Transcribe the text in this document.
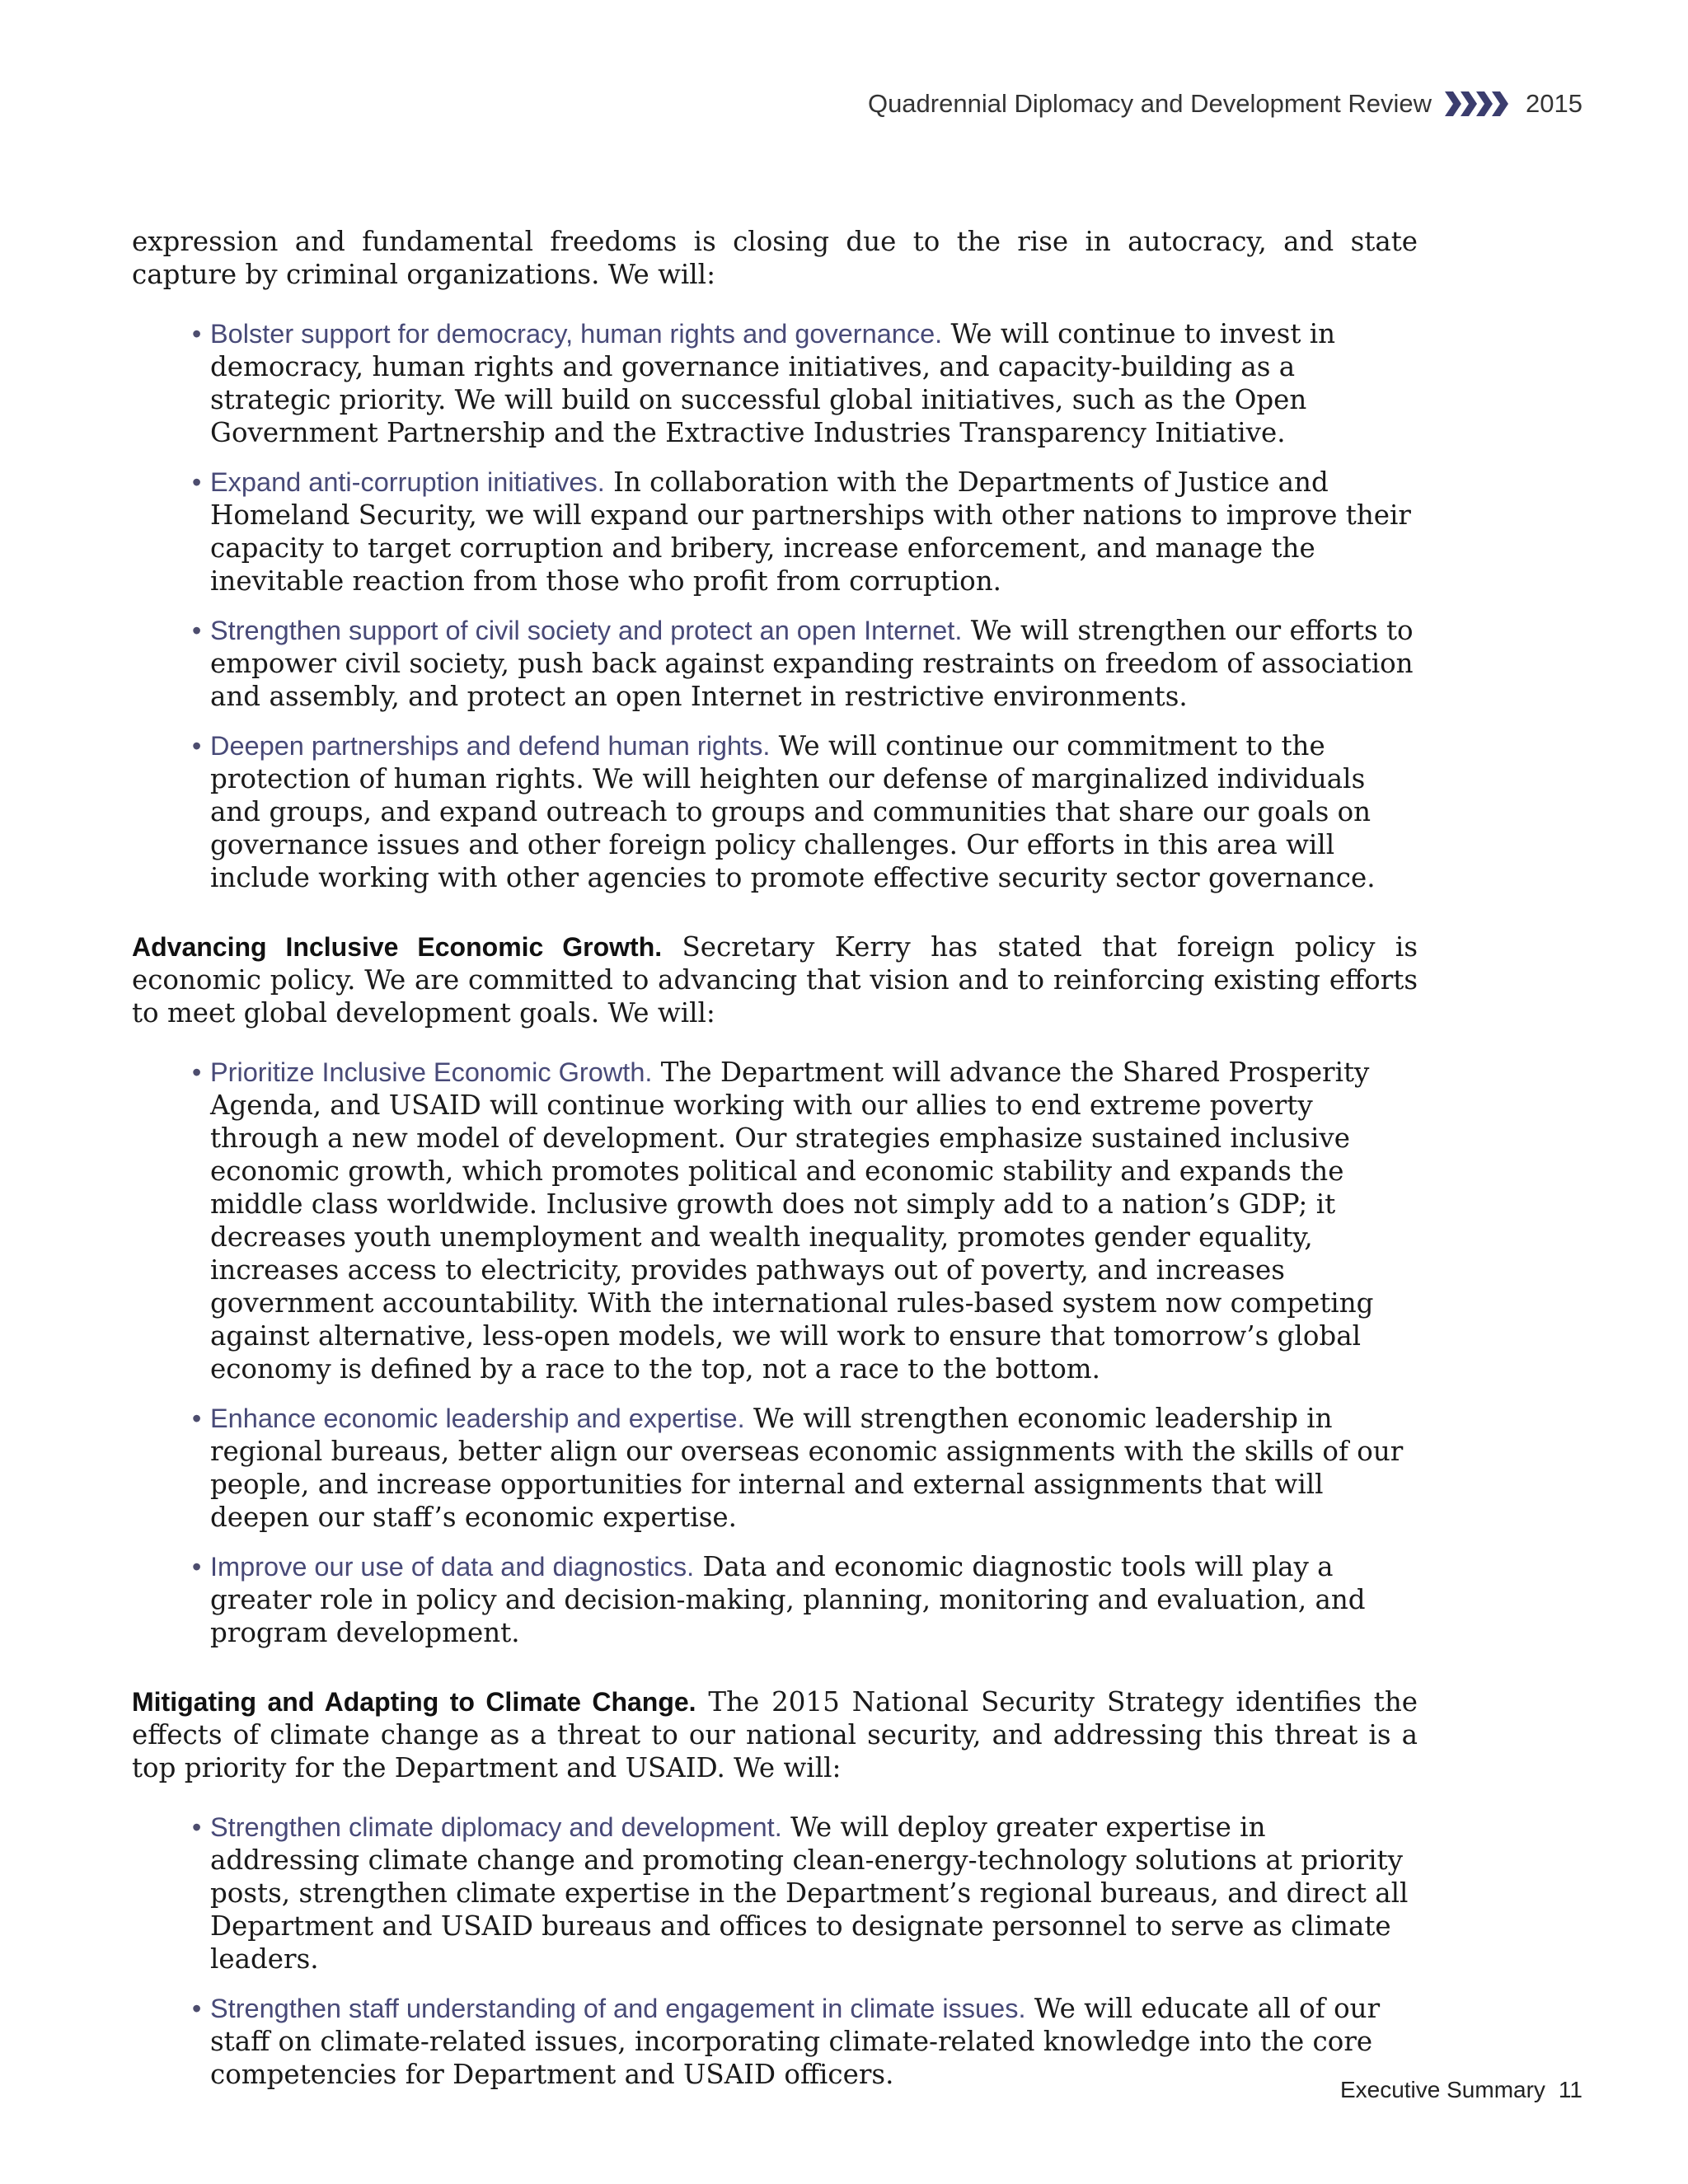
Quadrennial Diplomacy and Development Review	2015

expression and fundamental freedoms is closing due to the rise in autocracy, and state capture by criminal organizations. We will:

• Bolster support for democracy, human rights and governance. We will continue to invest in democracy, human rights and governance initiatives, and capacity-building as a strategic priority. We will build on successful global initiatives, such as the Open Government Partnership and the Extractive Industries Transparency Initiative.
• Expand anti-corruption initiatives. In collaboration with the Departments of Justice and Homeland Security, we will expand our partnerships with other nations to improve their capacity to target corruption and bribery, increase enforcement, and manage the inevitable reaction from those who profit from corruption.
• Strengthen support of civil society and protect an open Internet. We will strengthen our efforts to empower civil society, push back against expanding restraints on freedom of association and assembly, and protect an open Internet in restrictive environments.
• Deepen partnerships and defend human rights. We will continue our commitment to the protection of human rights. We will heighten our defense of marginalized individuals and groups, and expand outreach to groups and communities that share our goals on governance issues and other foreign policy challenges. Our efforts in this area will include working with other agencies to promote effective security sector governance.

Advancing Inclusive Economic Growth. Secretary Kerry has stated that foreign policy is economic policy. We are committed to advancing that vision and to reinforcing existing efforts to meet global development goals. We will:

• Prioritize Inclusive Economic Growth. The Department will advance the Shared Prosperity Agenda, and USAID will continue working with our allies to end extreme poverty through a new model of development. Our strategies emphasize sustained inclusive economic growth, which promotes political and economic stability and expands the middle class worldwide. Inclusive growth does not simply add to a nation’s GDP; it decreases youth unemployment and wealth inequality, promotes gender equality, increases access to electricity, provides pathways out of poverty, and increases government accountability. With the international rules-based system now competing against alternative, less-open models, we will work to ensure that tomorrow’s global economy is defined by a race to the top, not a race to the bottom.
• Enhance economic leadership and expertise. We will strengthen economic leadership in regional bureaus, better align our overseas economic assignments with the skills of our people, and increase opportunities for internal and external assignments that will deepen our staff’s economic expertise.
• Improve our use of data and diagnostics. Data and economic diagnostic tools will play a greater role in policy and decision-making, planning, monitoring and evaluation, and program development.

Mitigating and Adapting to Climate Change. The 2015 National Security Strategy identifies the effects of climate change as a threat to our national security, and addressing this threat is a top priority for the Department and USAID. We will:

• Strengthen climate diplomacy and development. We will deploy greater expertise in addressing climate change and promoting clean-energy-technology solutions at priority posts, strengthen climate expertise in the Department’s regional bureaus, and direct all Department and USAID bureaus and offices to designate personnel to serve as climate leaders.
• Strengthen staff understanding of and engagement in climate issues. We will educate all of our staff on climate-related issues, incorporating climate-related knowledge into the core competencies for Department and USAID officers.	Executive Summary 11
